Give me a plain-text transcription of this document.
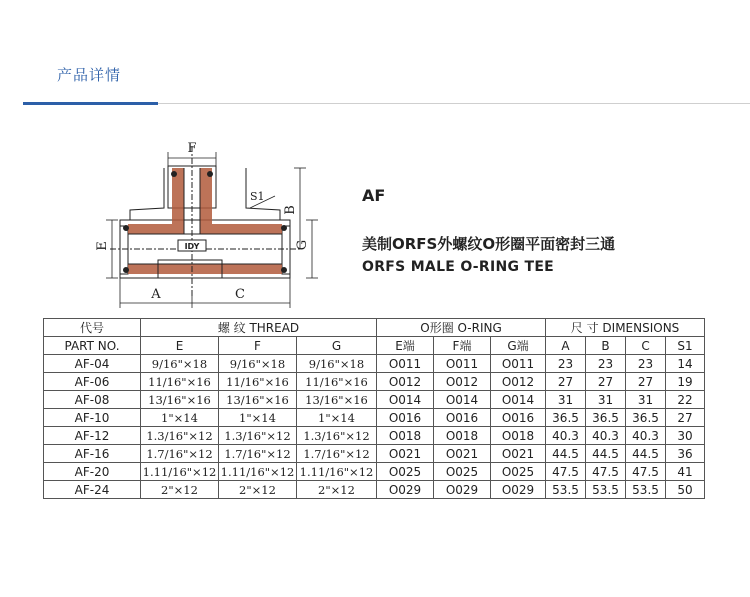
产品详情
IDY
F
S1
B
G
E
A	C
AF
美制ORFS外螺纹O形圈平面密封三通
ORFS MALE O-RING TEE
代号	螺 纹 THREAD			O形圈 O-RING			尺 寸 DIMENSIONS			
PART NO.	E	F	G	E端	F端	G端	A	B	C	S1
AF-04	9/16"×18	9/16"×18	9/16"×18	O011	O011	O011	23	23	23	14
AF-06	11/16"×16	11/16"×16	11/16"×16	O012	O012	O012	27	27	27	19
AF-08	13/16"×16	13/16"×16	13/16"×16	O014	O014	O014	31	31	31	22
AF-10	1"×14	1"×14	1"×14	O016	O016	O016	36.5	36.5	36.5	27
AF-12	1.3/16"×12	1.3/16"×12	1.3/16"×12	O018	O018	O018	40.3	40.3	40.3	30
AF-16	1.7/16"×12	1.7/16"×12	1.7/16"×12	O021	O021	O021	44.5	44.5	44.5	36
AF-20	1.11/16"×12	1.11/16"×12	1.11/16"×12	O025	O025	O025	47.5	47.5	47.5	41
AF-24	2"×12	2"×12	2"×12	O029	O029	O029	53.5	53.5	53.5	50
